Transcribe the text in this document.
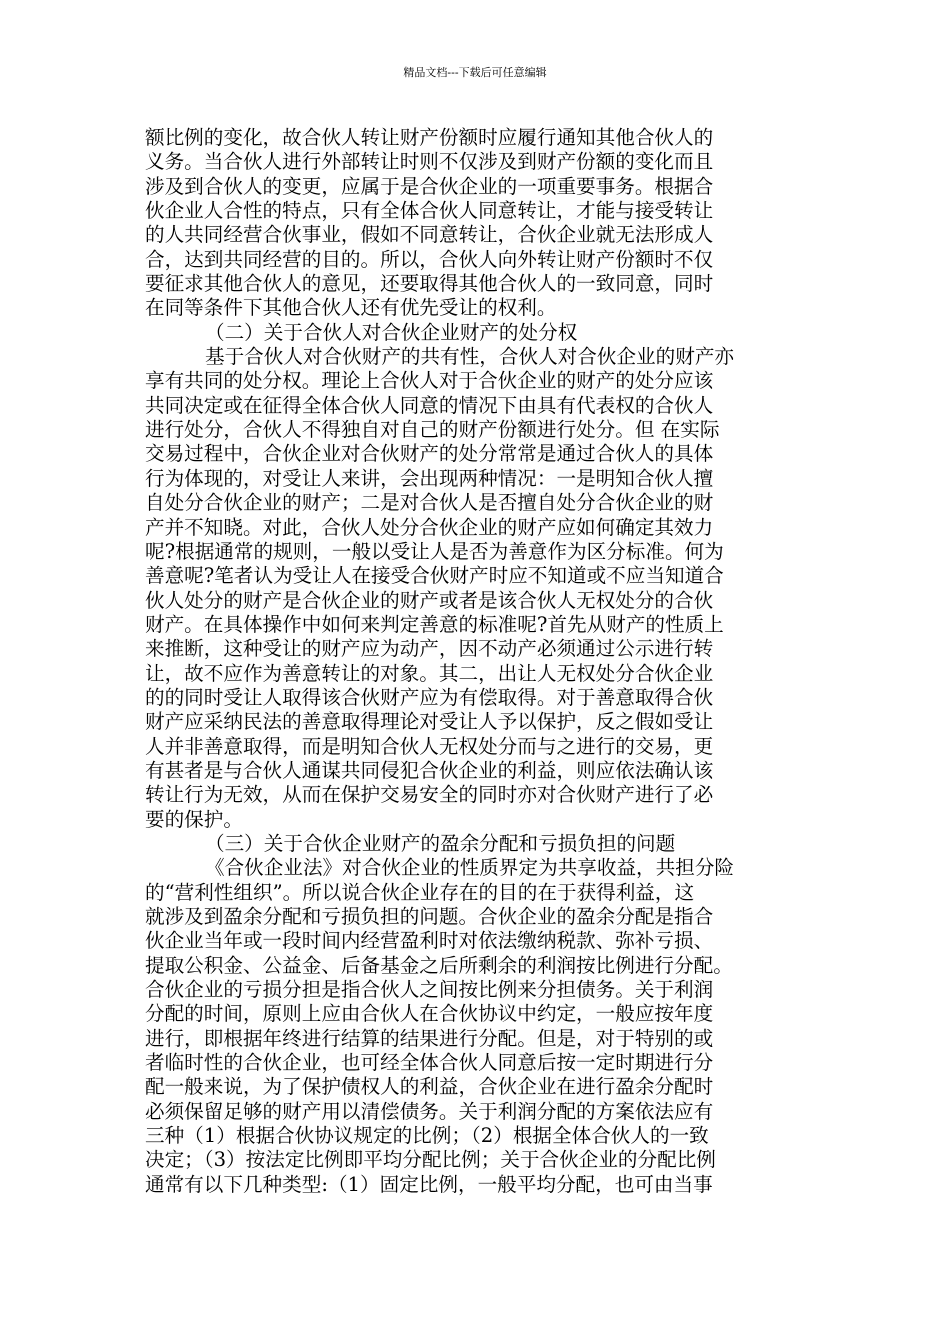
精品文档---下载后可任意编辑
额比例的变化，故合伙人转让财产份额时应履行通知其他合伙人的
义务。当合伙人进行外部转让时则不仅涉及到财产份额的变化而且
涉及到合伙人的变更，应属于是合伙企业的一项重要事务。根据合
伙企业人合性的特点，只有全体合伙人同意转让，才能与接受转让
的人共同经营合伙事业，假如不同意转让，合伙企业就无法形成人
合，达到共同经营的目的。所以，合伙人向外转让财产份额时不仅
要征求其他合伙人的意见，还要取得其他合伙人的一致同意，同时
在同等条件下其他合伙人还有优先受让的权利。
（二）关于合伙人对合伙企业财产的处分权
基于合伙人对合伙财产的共有性，合伙人对合伙企业的财产亦
享有共同的处分权。理论上合伙人对于合伙企业的财产的处分应该
共同决定或在征得全体合伙人同意的情况下由具有代表权的合伙人
进行处分，合伙人不得独自对自己的财产份额进行处分。但 在实际
交易过程中，合伙企业对合伙财产的处分常常是通过合伙人的具体
行为体现的，对受让人来讲，会出现两种情况：一是明知合伙人擅
自处分合伙企业的财产；二是对合伙人是否擅自处分合伙企业的财
产并不知晓。对此，合伙人处分合伙企业的财产应如何确定其效力
呢?根据通常的规则，一般以受让人是否为善意作为区分标准。何为
善意呢?笔者认为受让人在接受合伙财产时应不知道或不应当知道合
伙人处分的财产是合伙企业的财产或者是该合伙人无权处分的合伙
财产。在具体操作中如何来判定善意的标准呢?首先从财产的性质上
来推断，这种受让的财产应为动产，因不动产必须通过公示进行转
让，故不应作为善意转让的对象。其二，出让人无权处分合伙企业
的的同时受让人取得该合伙财产应为有偿取得。对于善意取得合伙
财产应采纳民法的善意取得理论对受让人予以保护，反之假如受让
人并非善意取得，而是明知合伙人无权处分而与之进行的交易，更
有甚者是与合伙人通谋共同侵犯合伙企业的利益，则应依法确认该
转让行为无效，从而在保护交易安全的同时亦对合伙财产进行了必
要的保护。
（三）关于合伙企业财产的盈余分配和亏损负担的问题
《合伙企业法》对合伙企业的性质界定为共享收益，共担分险
的“营利性组织”。所以说合伙企业存在的目的在于获得利益，这
就涉及到盈余分配和亏损负担的问题。合伙企业的盈余分配是指合
伙企业当年或一段时间内经营盈利时对依法缴纳税款、弥补亏损、
提取公积金、公益金、后备基金之后所剩余的利润按比例进行分配。
合伙企业的亏损分担是指合伙人之间按比例来分担债务。关于利润
分配的时间，原则上应由合伙人在合伙协议中约定，一般应按年度
进行，即根据年终进行结算的结果进行分配。但是，对于特别的或
者临时性的合伙企业，也可经全体合伙人同意后按一定时期进行分
配一般来说，为了保护债权人的利益，合伙企业在进行盈余分配时
必须保留足够的财产用以清偿债务。关于利润分配的方案依法应有
三种（1）根据合伙协议规定的比例；（2）根据全体合伙人的一致
决定；（3）按法定比例即平均分配比例；关于合伙企业的分配比例
通常有以下几种类型:（1）固定比例，一般平均分配，也可由当事
